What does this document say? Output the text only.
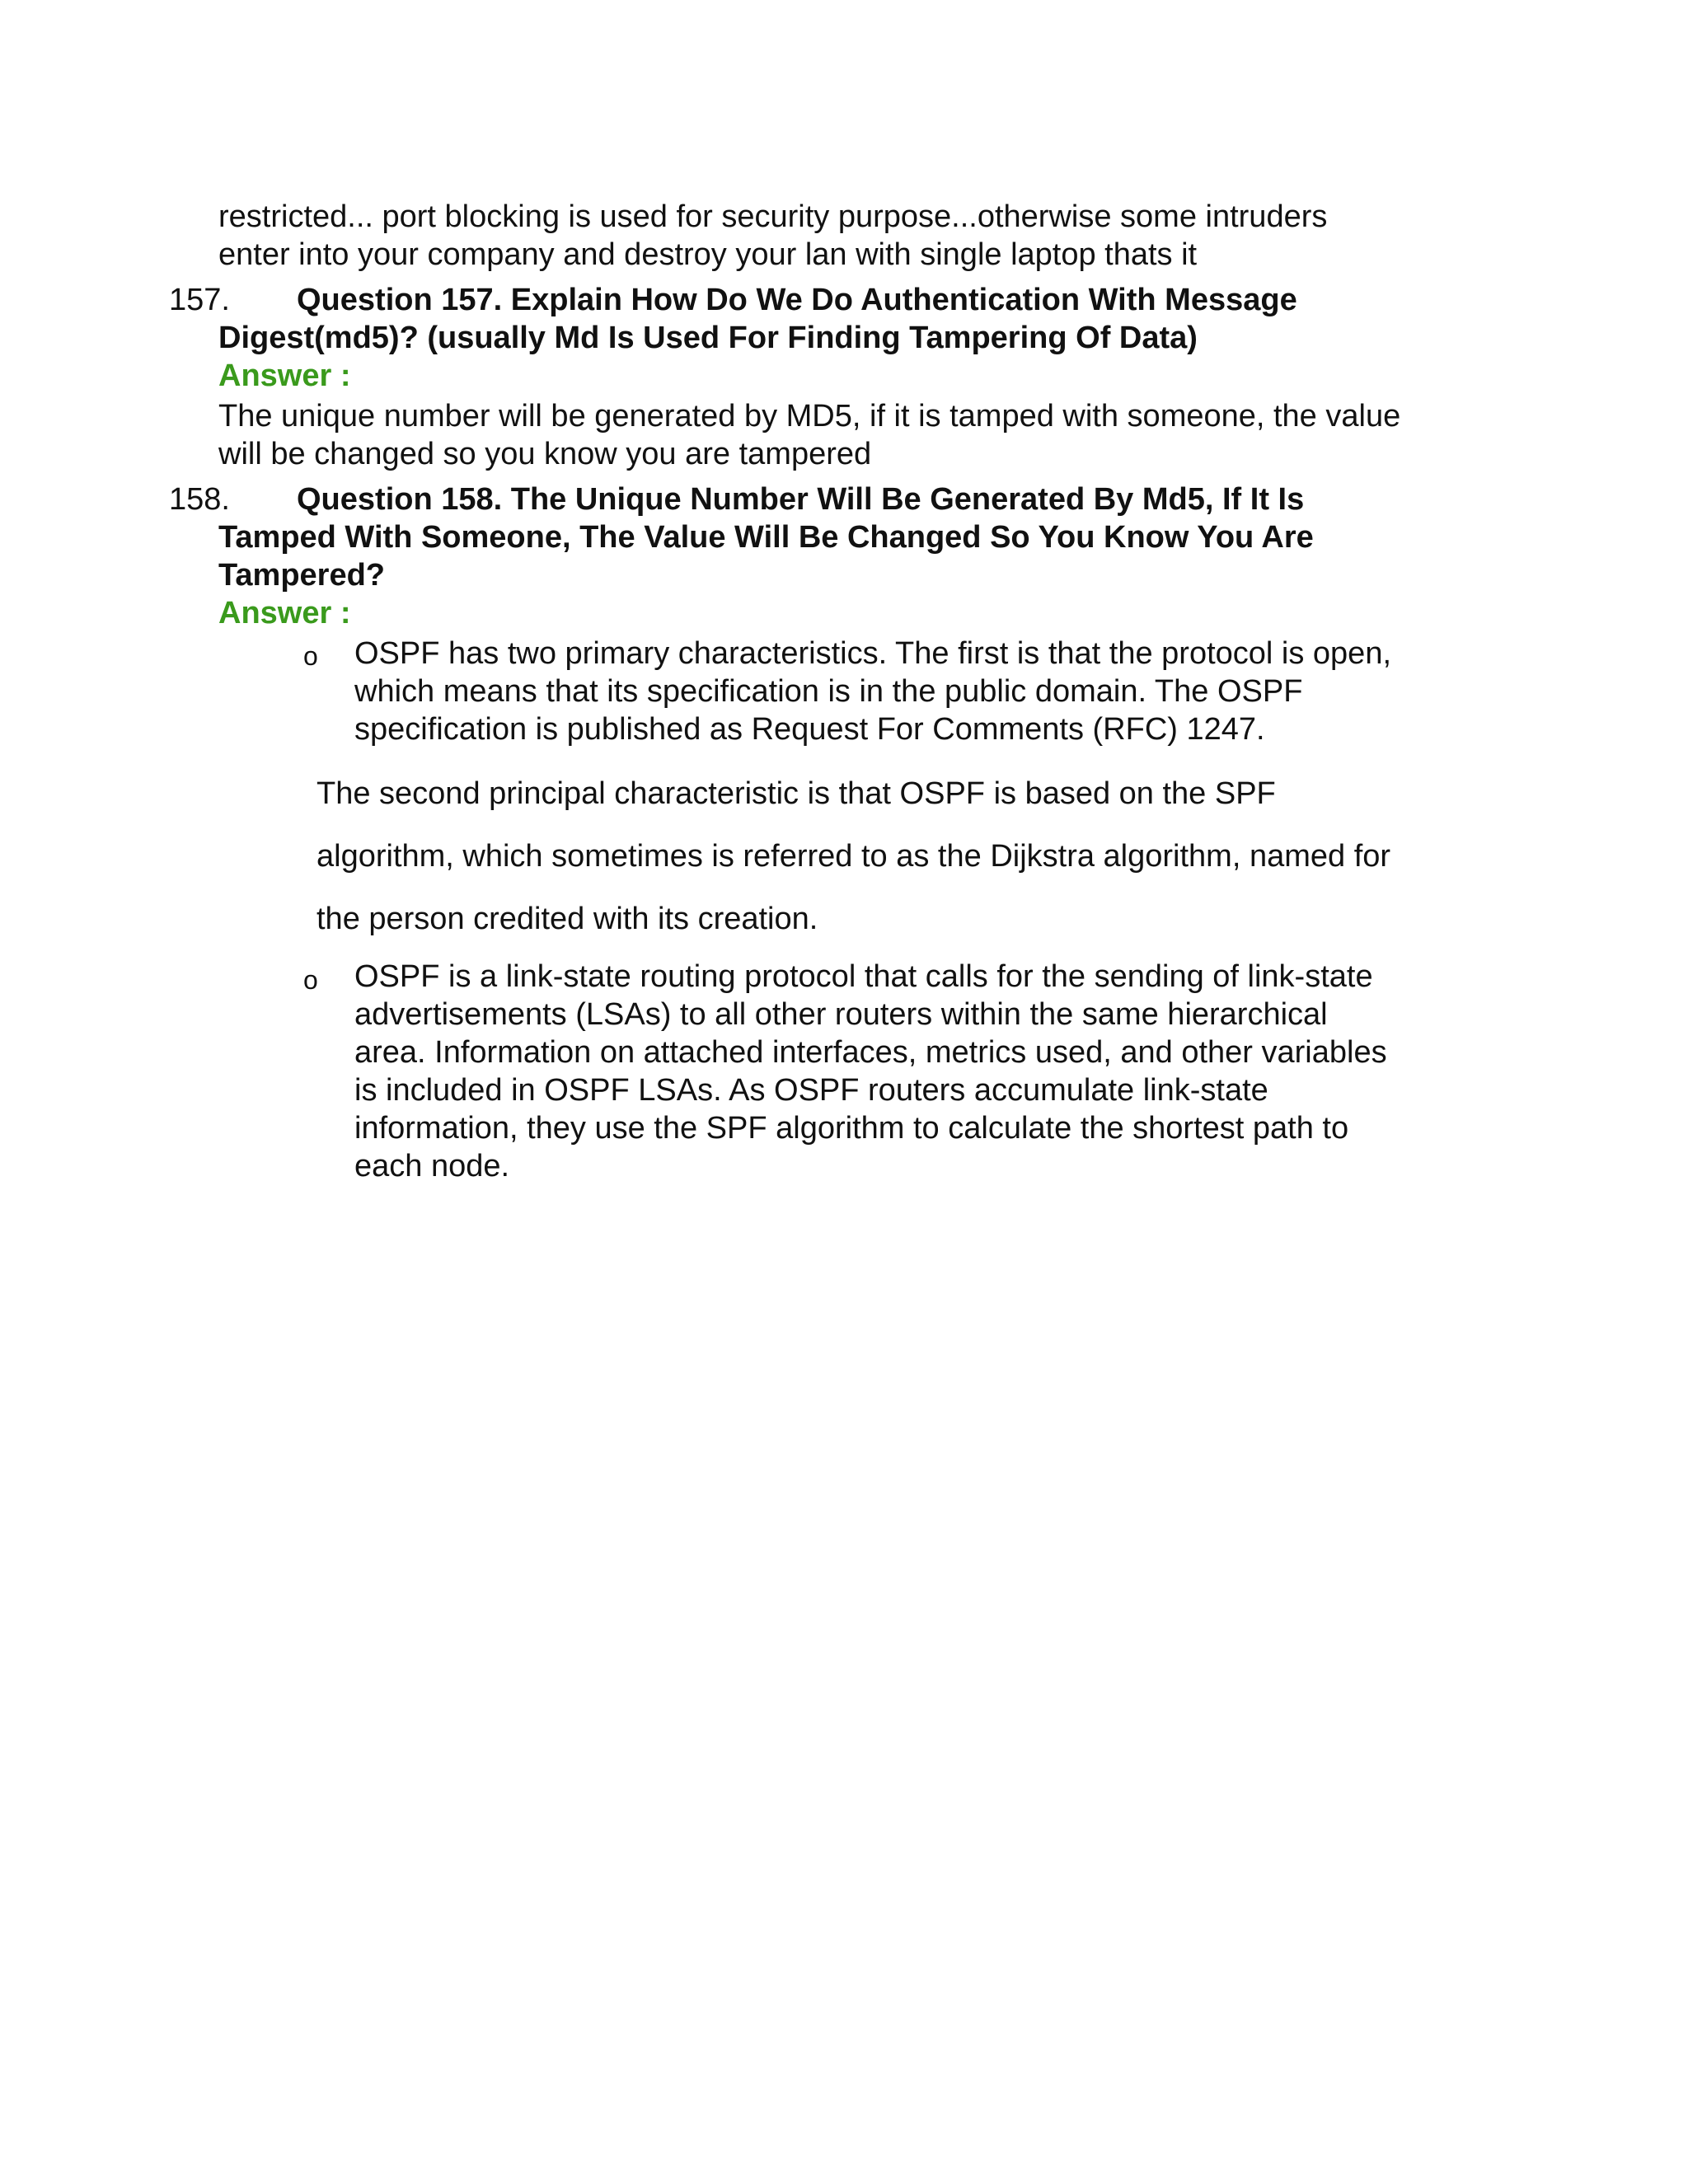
restricted... port blocking is used for security purpose...otherwise some intruders
enter into your company and destroy your lan with single laptop thats it
157. Question 157. Explain How Do We Do Authentication With Message
Digest(md5)? (usually Md Is Used For Finding Tampering Of Data)
Answer :
The unique number will be generated by MD5, if it is tamped with someone, the value
will be changed so you know you are tampered
158. Question 158. The Unique Number Will Be Generated By Md5, If It Is
Tamped With Someone, The Value Will Be Changed So You Know You Are
Tampered?
Answer :
o OSPF has two primary characteristics. The first is that the protocol is open,
which means that its specification is in the public domain. The OSPF
specification is published as Request For Comments (RFC) 1247.
The second principal characteristic is that OSPF is based on the SPF
algorithm, which sometimes is referred to as the Dijkstra algorithm, named for
the person credited with its creation.
o OSPF is a link-state routing protocol that calls for the sending of link-state
advertisements (LSAs) to all other routers within the same hierarchical
area. Information on attached interfaces, metrics used, and other variables
is included in OSPF LSAs. As OSPF routers accumulate link-state
information, they use the SPF algorithm to calculate the shortest path to
each node.
